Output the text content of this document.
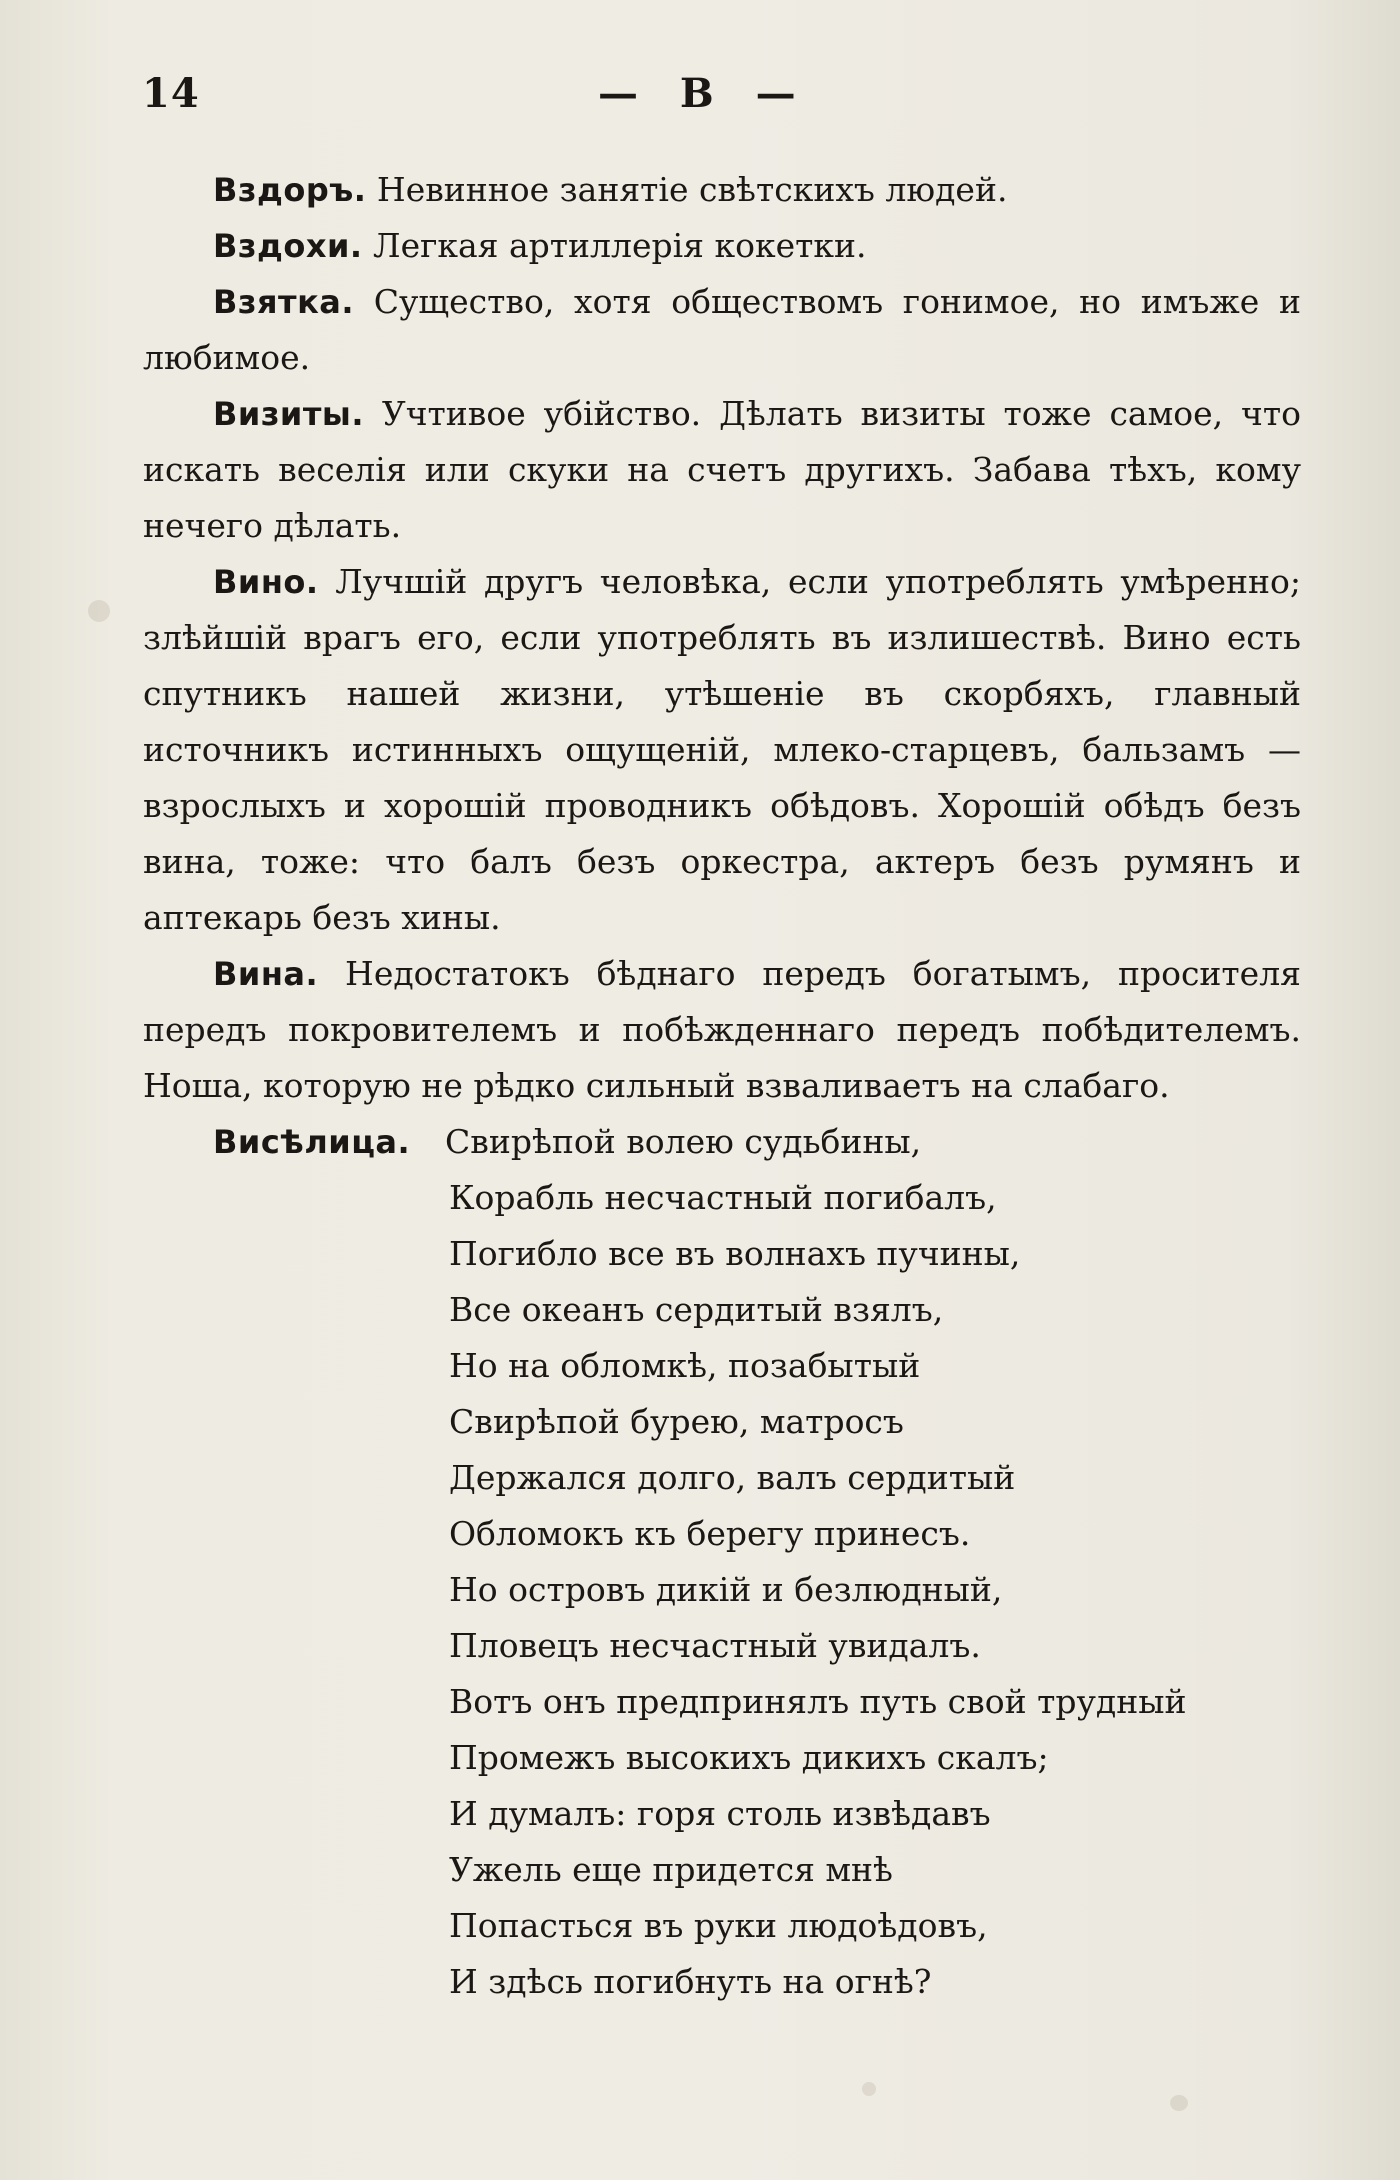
14	— В —

Вздоръ. Невинное занятіе свѣтскихъ людей.

Вздохи. Легкая артиллерія кокетки.

Взятка. Существо, хотя обществомъ гонимое, но имъже и любимое.

Визиты. Учтивое убійство. Дѣлать визиты тоже самое, что искать веселія или скуки на счетъ другихъ. Забава тѣхъ, кому нечего дѣлать.

Вино. Лучшій другъ человѣка, если употреблять умѣренно; злѣйшій врагъ его, если употреблять въ излишествѣ. Вино есть спутникъ нашей жизни, утѣшеніе въ скорбяхъ, главный источникъ истинныхъ ощущеній, млеко-старцевъ, бальзамъ — взрослыхъ и хорошій проводникъ обѣдовъ. Хорошій обѣдъ безъ вина, тоже: что балъ безъ оркестра, актеръ безъ румянъ и аптекарь безъ хины.

Вина. Недостатокъ бѣднаго передъ богатымъ, просителя передъ покровителемъ и побѣжденнаго передъ побѣдителемъ. Ноша, которую не рѣдко сильный взваливаетъ на слабаго.

Висѣлица. Свирѣпой волею судьбины,

Корабль несчастный погибалъ,
Погибло все въ волнахъ пучины,
Все океанъ сердитый взялъ,
Но на обломкѣ, позабытый
Свирѣпой бурею, матросъ
Держался долго, валъ сердитый
Обломокъ къ берегу принесъ.
Но островъ дикій и безлюдный,
Пловецъ несчастный увидалъ.
Вотъ онъ предпринялъ путь свой трудный
Промежъ высокихъ дикихъ скалъ;
И думалъ: горя столь извѣдавъ
Ужель еще придется мнѣ
Попасться въ руки людоѣдовъ,
И здѣсь погибнуть на огнѣ?
